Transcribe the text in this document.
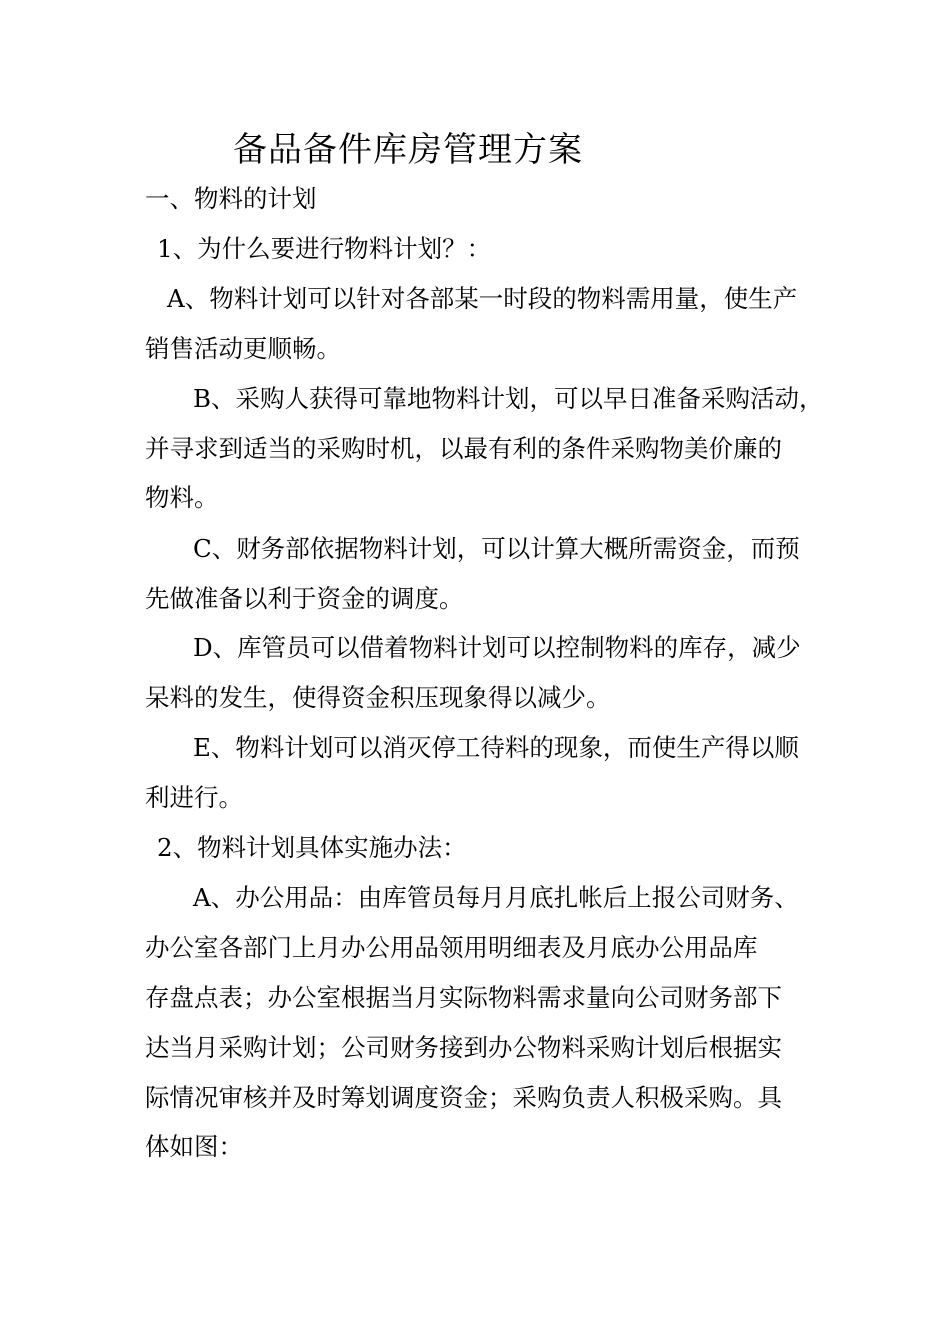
备品备件库房管理方案
一、物料的计划
1、为什么要进行物料计划？：
A、物料计划可以针对各部某一时段的物料需用量，使生产
销售活动更顺畅。
B、采购人获得可靠地物料计划，可以早日准备采购活动，
并寻求到适当的采购时机，以最有利的条件采购物美价廉的
物料。
C、财务部依据物料计划，可以计算大概所需资金，而预
先做准备以利于资金的调度。
D、库管员可以借着物料计划可以控制物料的库存，减少
呆料的发生，使得资金积压现象得以减少。
E、物料计划可以消灭停工待料的现象，而使生产得以顺
利进行。
2、物料计划具体实施办法：
A、办公用品：由库管员每月月底扎帐后上报公司财务、
办公室各部门上月办公用品领用明细表及月底办公用品库
存盘点表；办公室根据当月实际物料需求量向公司财务部下
达当月采购计划；公司财务接到办公物料采购计划后根据实
际情况审核并及时筹划调度资金；采购负责人积极采购。具
体如图：
